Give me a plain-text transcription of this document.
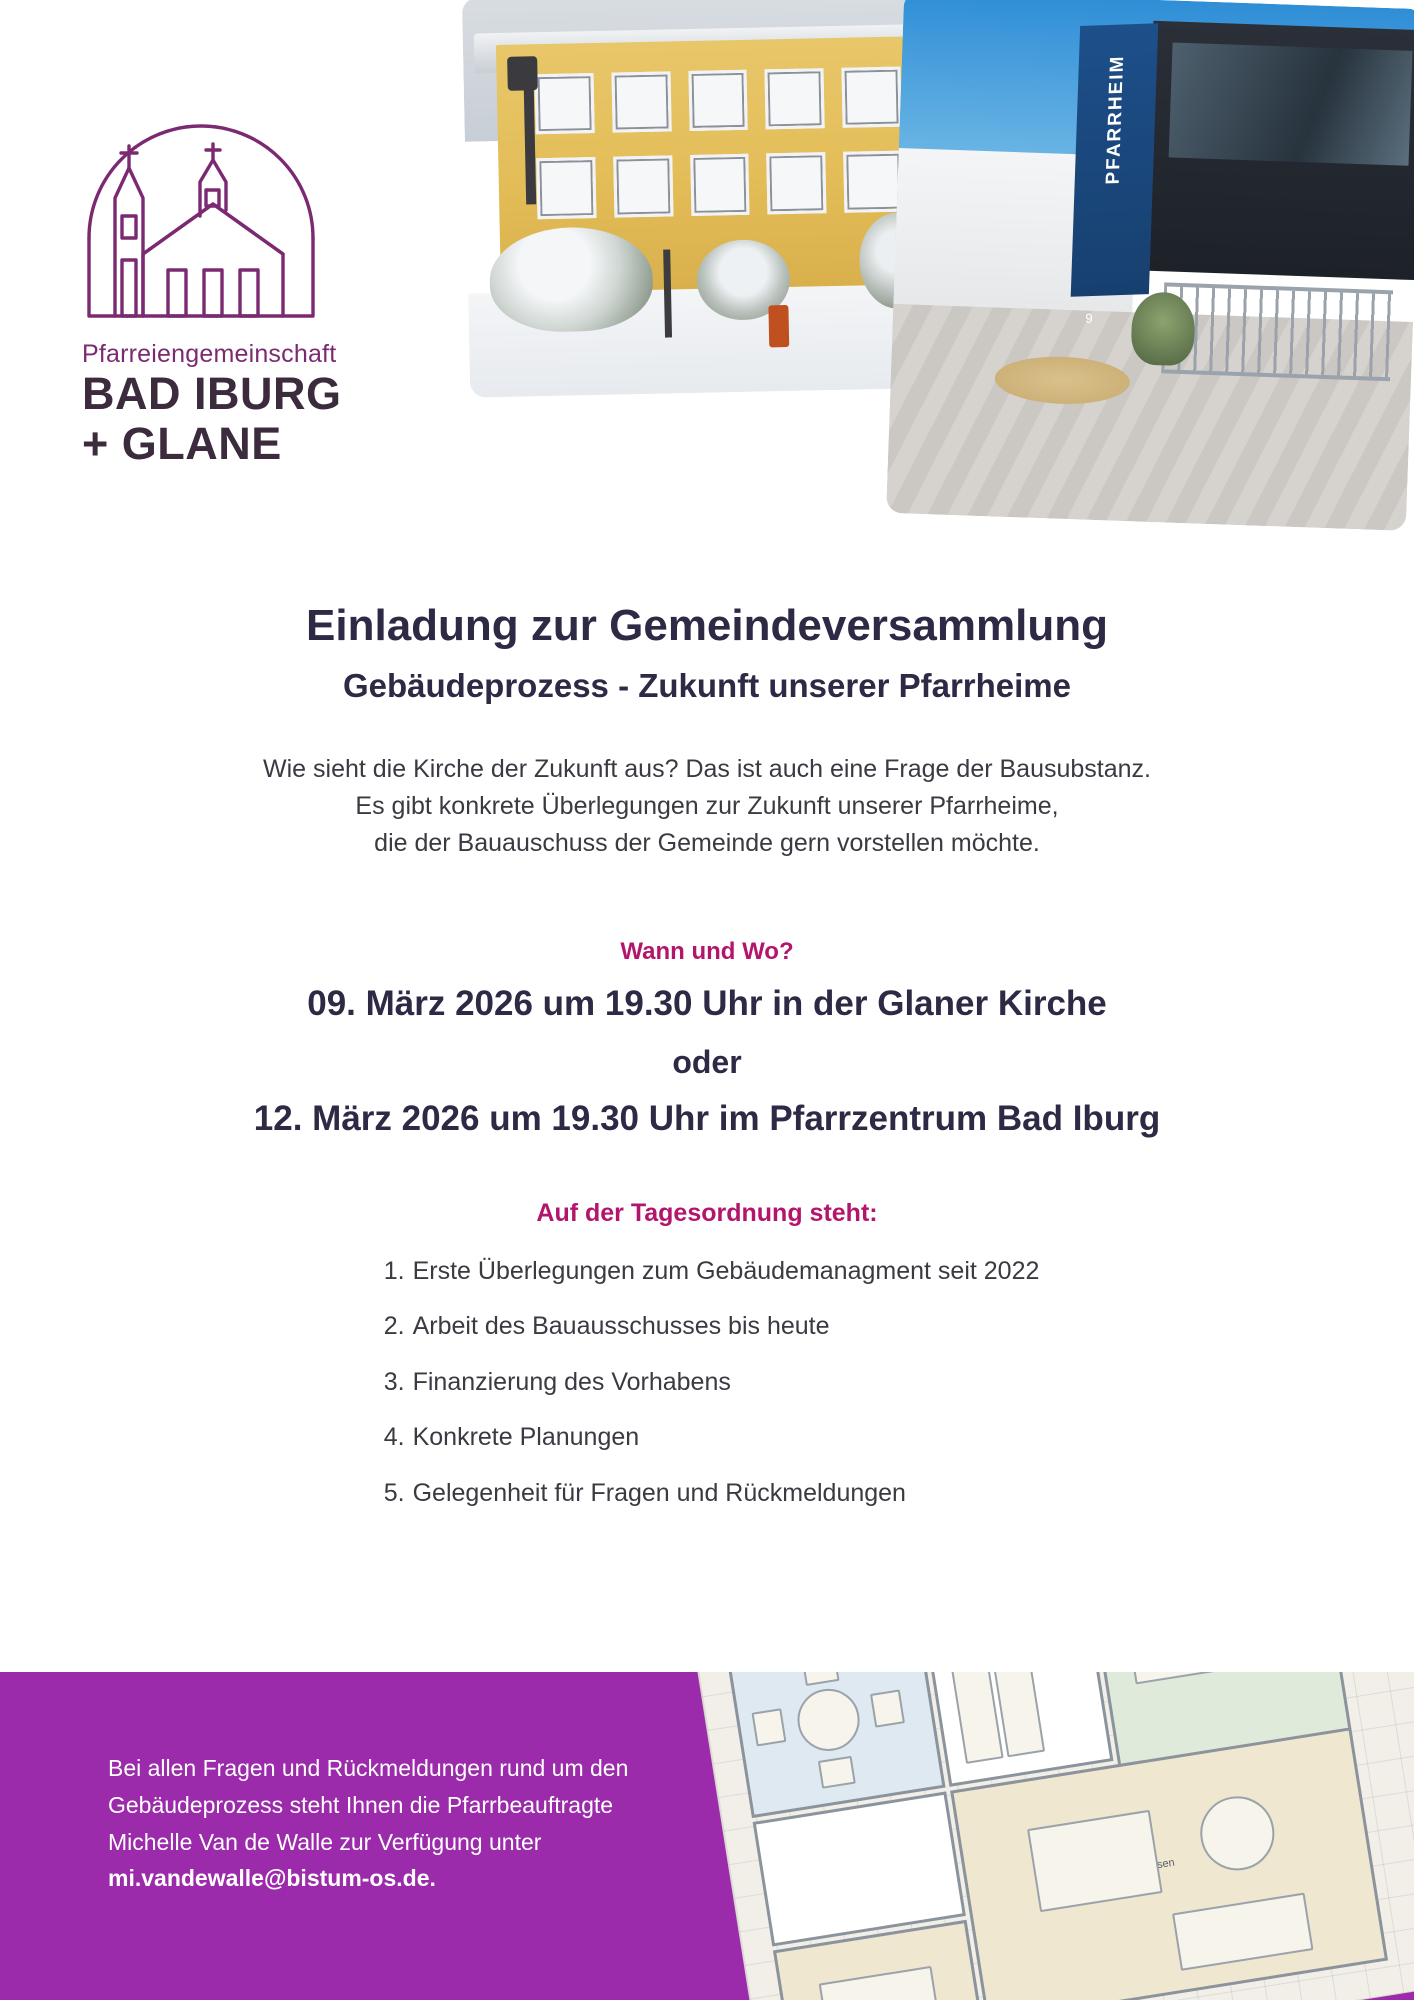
PFARRHEIM
9
Pfarreiengemeinschaft
BAD IBURG
+ GLANE
Einladung zur Gemeindeversammlung
Gebäudeprozess - Zukunft unserer Pfarrheime

Wie sieht die Kirche der Zukunft aus? Das ist auch eine Frage der Bausubstanz.

Es gibt konkrete Überlegungen zur Zukunft unserer Pfarrheime,

die der Bauauschuss der Gemeinde gern vorstellen möchte.

Wann und Wo?
09. März 2026 um 19.30 Uhr in der Glaner Kirche
oder
12. März 2026 um 19.30 Uhr im Pfarrzentrum Bad Iburg
Auf der Tagesordnung steht:
1. Erste Überlegungen zum Gebäudemanagment seit 2022
2. Arbeit des Bauausschusses bis heute
3. Finanzierung des Vorhabens
4. Konkrete Planungen
5. Gelegenheit für Fragen und Rückmeldungen
Essen
Bei allen Fragen und Rückmeldungen rund um den
Gebäudeprozess steht Ihnen die Pfarrbeauftragte
Michelle Van de Walle zur Verfügung unter
mi.vandewalle@bistum-os.de.
